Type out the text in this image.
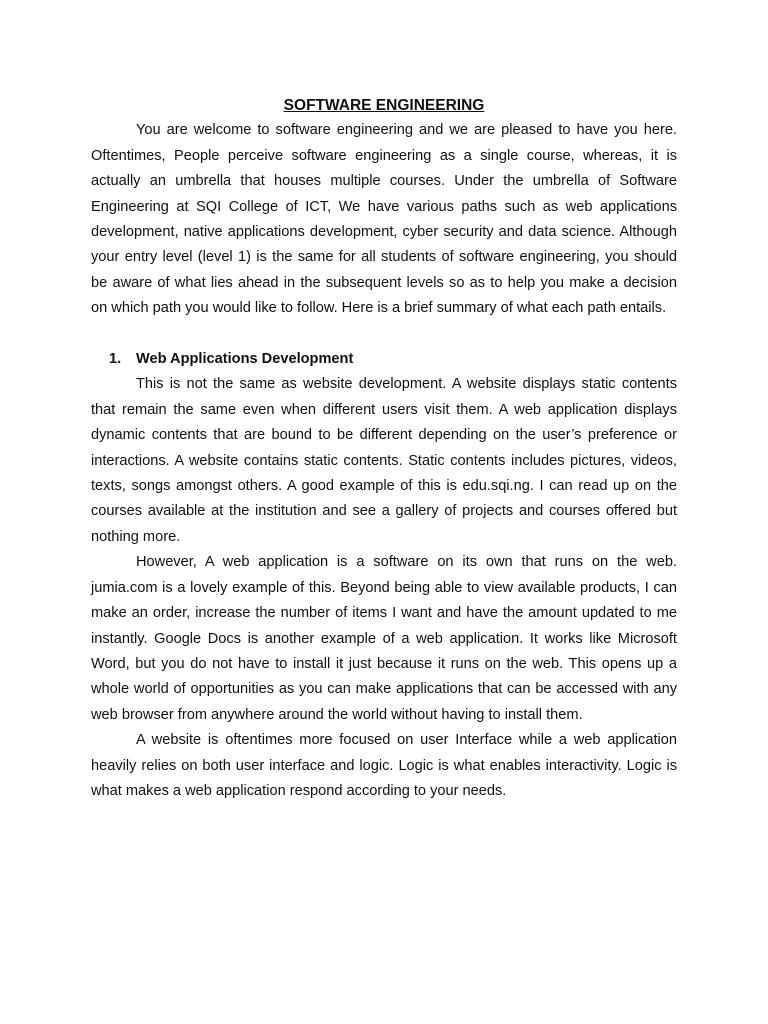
SOFTWARE ENGINEERING

You are welcome to software engineering and we are pleased to have you here. Oftentimes, People perceive software engineering as a single course, whereas, it is actually an umbrella that houses multiple courses. Under the umbrella of Software Engineering at SQI College of ICT, We have various paths such as web applications development, native applications development, cyber security and data science. Although your entry level (level 1) is the same for all students of software engineering, you should be aware of what lies ahead in the subsequent levels so as to help you make a decision on which path you would like to follow. Here is a brief summary of what each path entails.

1.	Web Applications Development

This is not the same as website development. A website displays static contents that remain the same even when different users visit them. A web application displays dynamic contents that are bound to be different depending on the user’s preference or interactions. A website contains static contents. Static contents includes pictures, videos, texts, songs amongst others. A good example of this is edu.sqi.ng. I can read up on the courses available at the institution and see a gallery of projects and courses offered but nothing more.

However, A web application is a software on its own that runs on the web. jumia.com is a lovely example of this. Beyond being able to view available products, I can make an order, increase the number of items I want and have the amount updated to me instantly. Google Docs is another example of a web application. It works like Microsoft Word, but you do not have to install it just because it runs on the web. This opens up a whole world of opportunities as you can make applications that can be accessed with any web browser from anywhere around the world without having to install them.

A website is oftentimes more focused on user Interface while a web application heavily relies on both user interface and logic. Logic is what enables interactivity. Logic is what makes a web application respond according to your needs.
